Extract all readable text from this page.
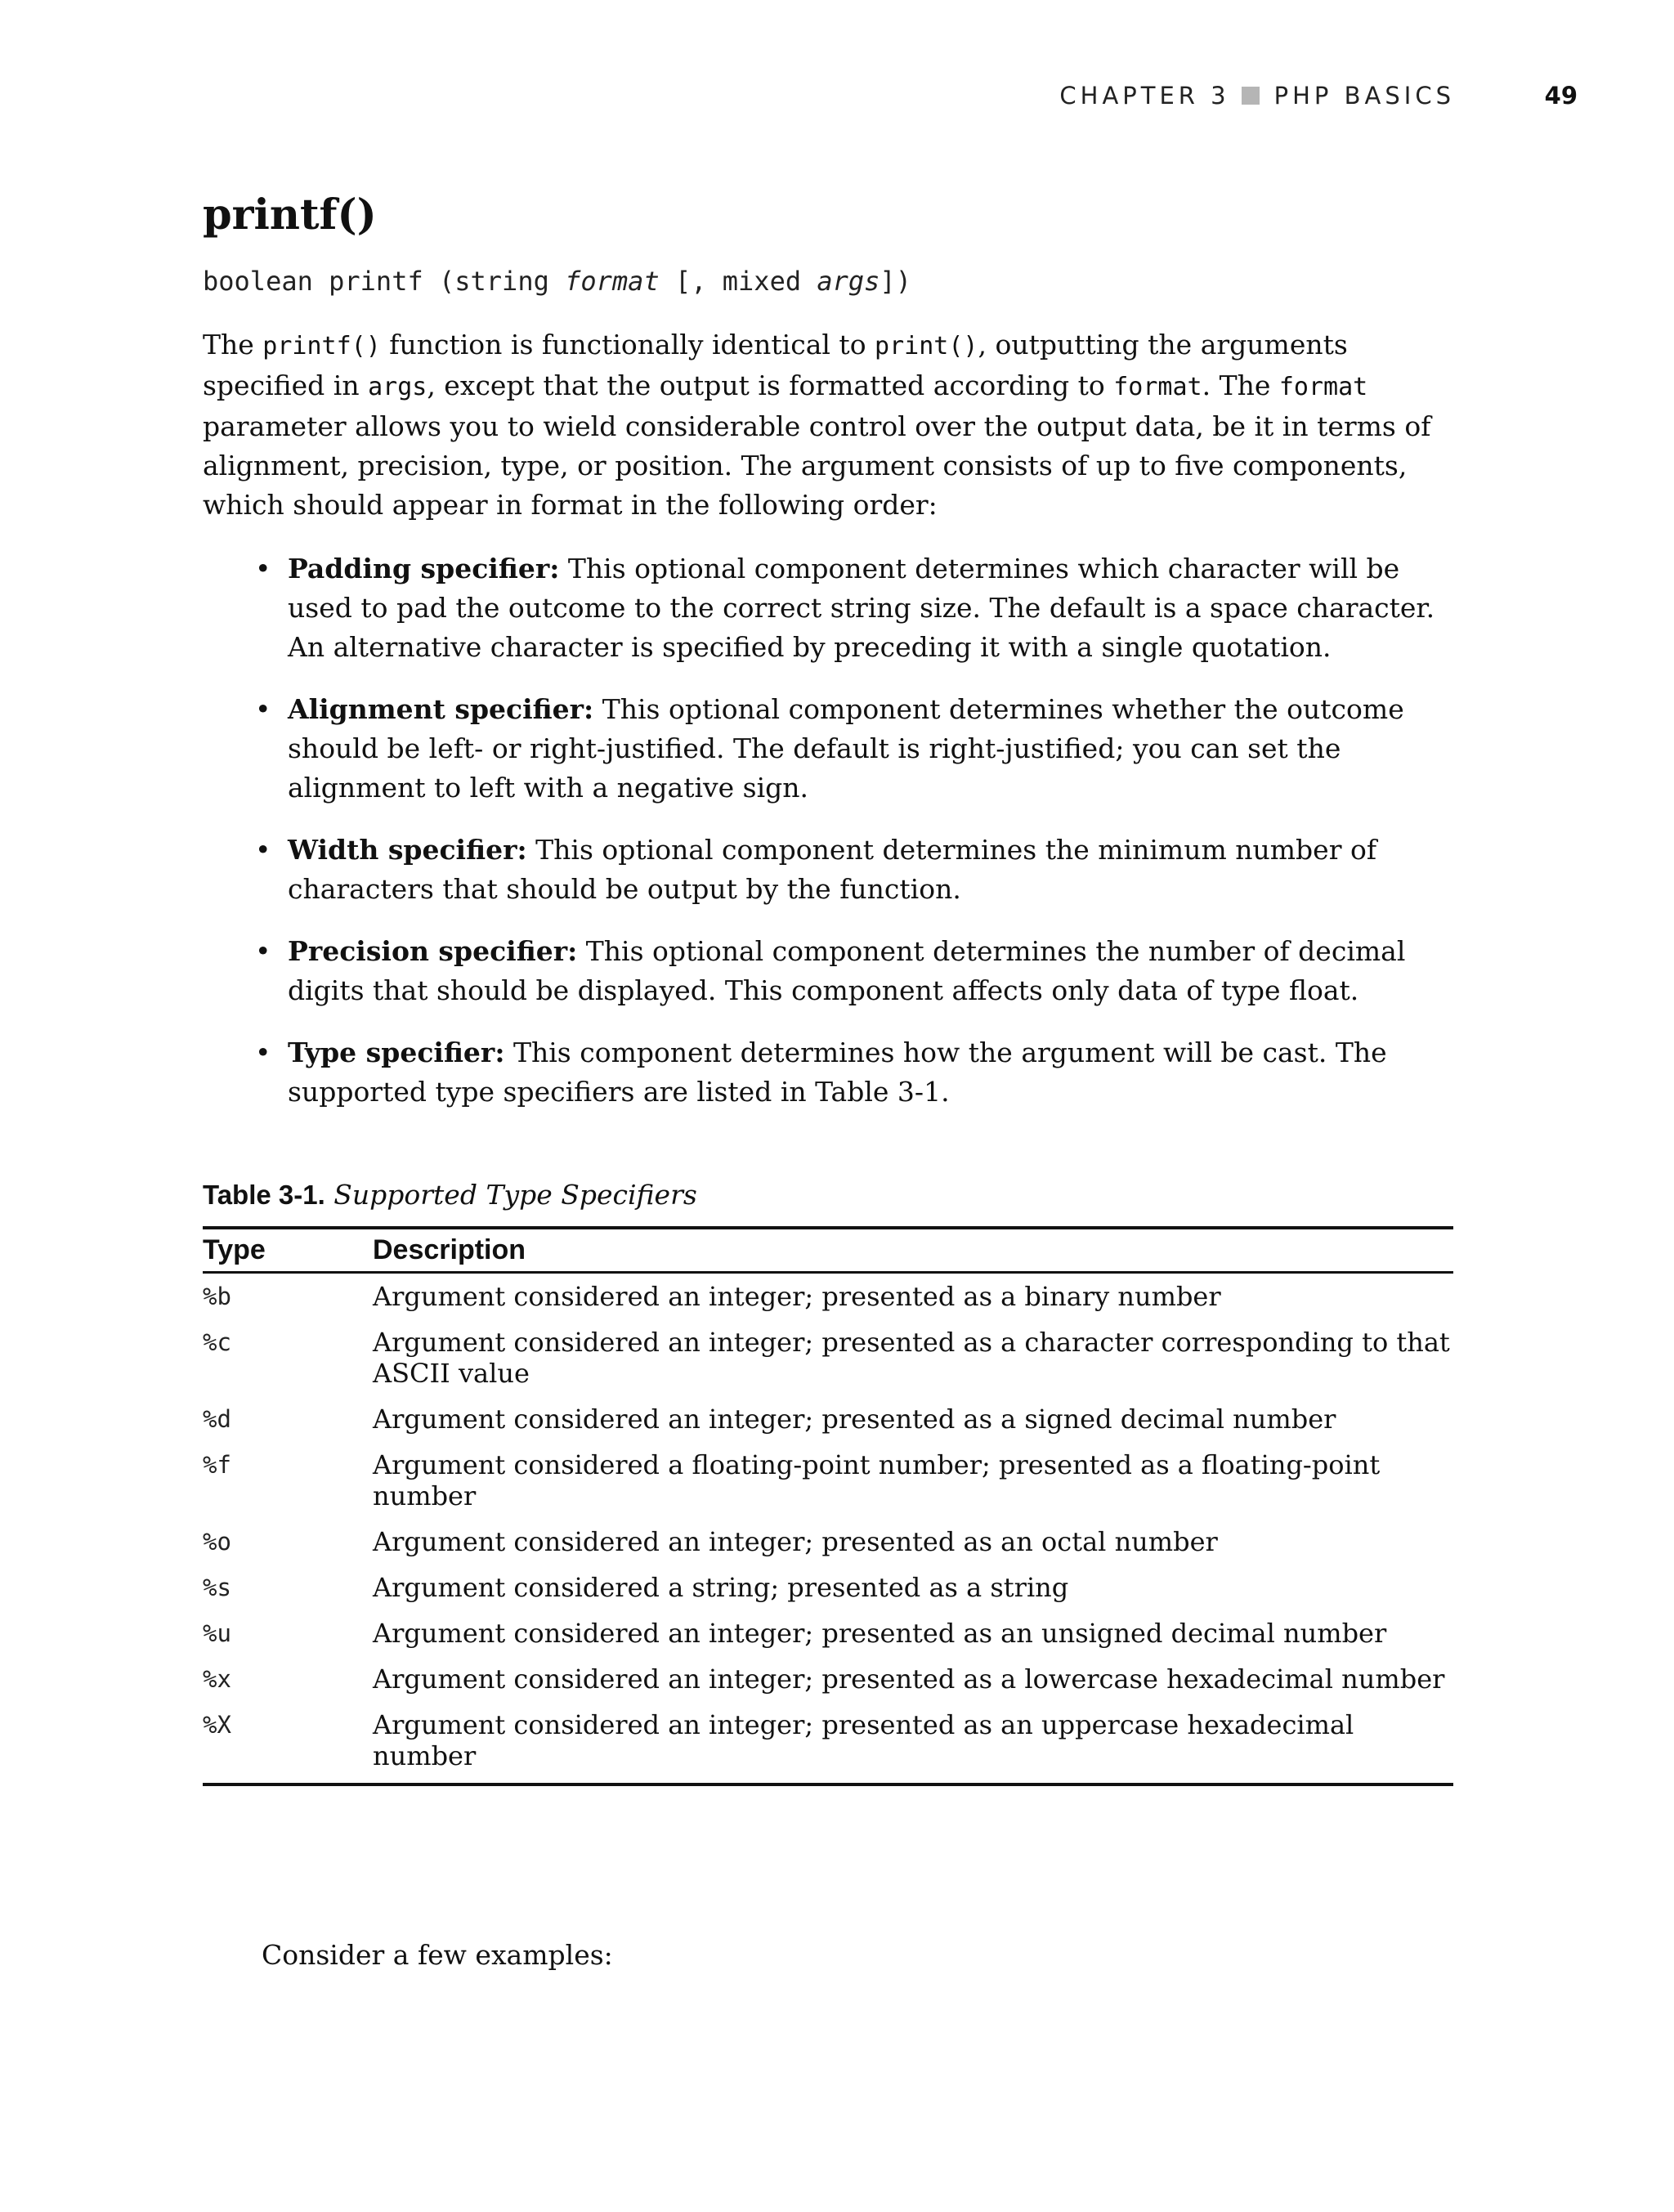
CHAPTER 3 PHP BASICS	49
printf()
boolean printf (string format [, mixed args])

The printf() function is functionally identical to print(), outputting the arguments specified in args, except that the output is formatted according to format. The format parameter allows you to wield considerable control over the output data, be it in terms of alignment, precision, type, or position. The argument consists of up to five components, which should appear in format in the following order:

• Padding specifier: This optional component determines which character will be used to pad the outcome to the correct string size. The default is a space character. An alternative character is specified by preceding it with a single quotation.
• Alignment specifier: This optional component determines whether the outcome should be left- or right-justified. The default is right-justified; you can set the alignment to left with a negative sign.
• Width specifier: This optional component determines the minimum number of characters that should be output by the function.
• Precision specifier: This optional component determines the number of decimal digits that should be displayed. This component affects only data of type float.
• Type specifier: This component determines how the argument will be cast. The supported type specifiers are listed in Table 3-1.
Table 3-1. Supported Type Specifiers
Type	Description
%b	Argument considered an integer; presented as a binary number
%c	Argument considered an integer; presented as a character corresponding to that ASCII value
%d	Argument considered an integer; presented as a signed decimal number
%f	Argument considered a floating-point number; presented as a floating-point number
%o	Argument considered an integer; presented as an octal number
%s	Argument considered a string; presented as a string
%u	Argument considered an integer; presented as an unsigned decimal number
%x	Argument considered an integer; presented as a lowercase hexadecimal number
%X	Argument considered an integer; presented as an uppercase hexadecimal number
Consider a few examples:
